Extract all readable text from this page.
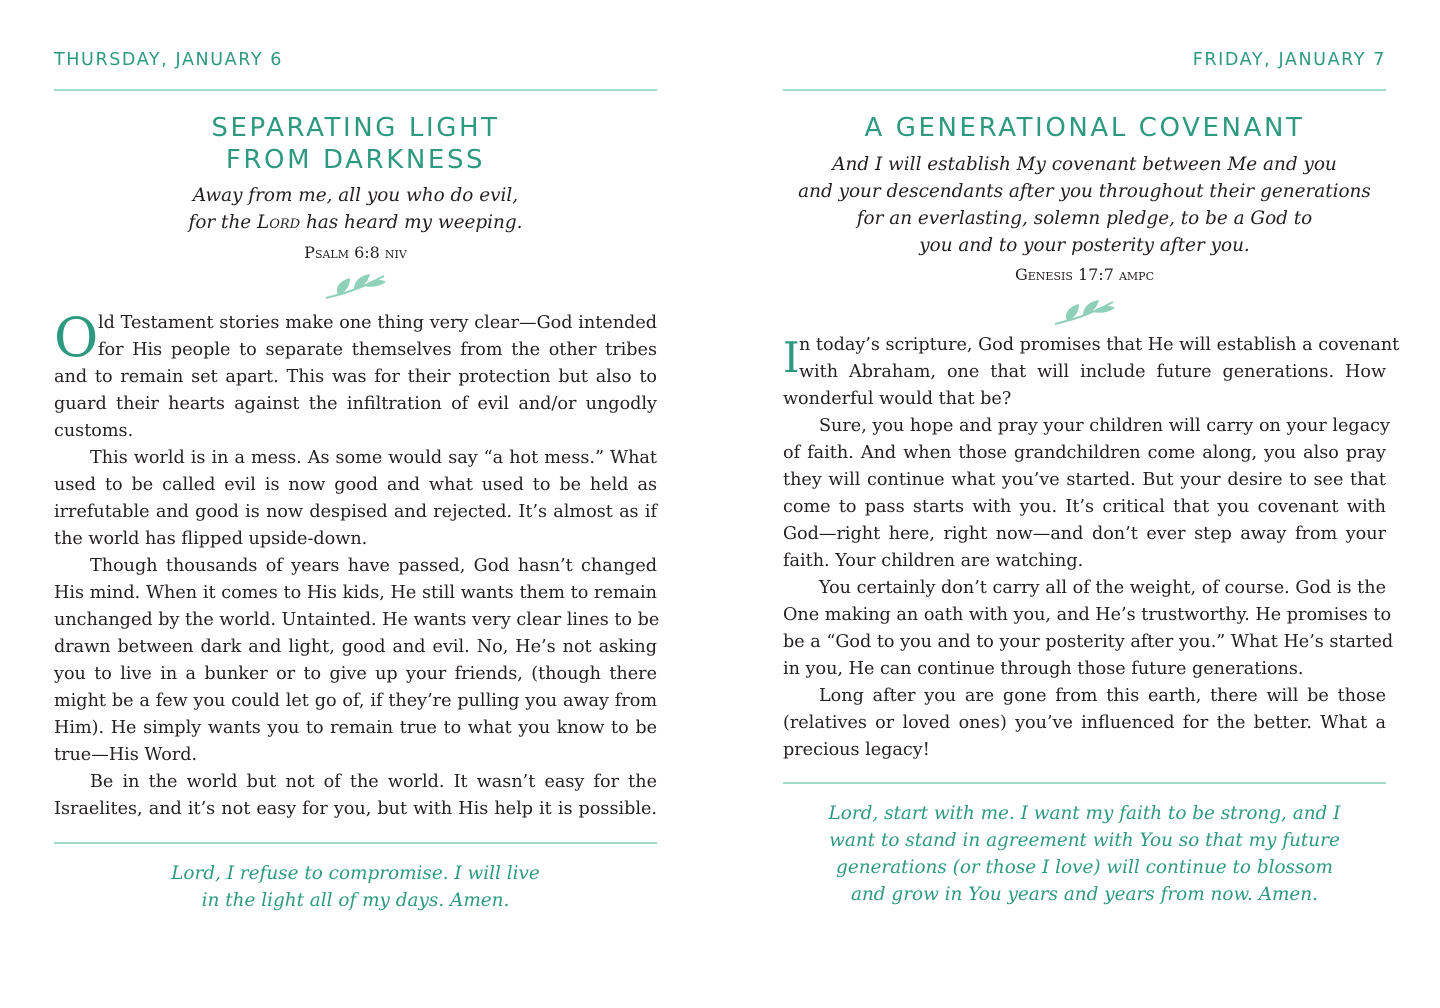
THURSDAY, JANUARY 6
SEPARATING LIGHT
FROM DARKNESS
Away from me, all you who do evil,
for the Lord has heard my weeping.
Psalm 6:8 niv
O ld Testament stories make one thing very clear—God intended
for His people to separate themselves from the other tribes
and to remain set apart. This was for their protection but also to
guard their hearts against the infiltration of evil and/or ungodly
customs.

This world is in a mess. As some would say “a hot mess.” What
used to be called evil is now good and what used to be held as
irrefutable and good is now despised and rejected. It’s almost as if
the world has flipped upside-down.

Though thousands of years have passed, God hasn’t changed
His mind. When it comes to His kids, He still wants them to remain
unchanged by the world. Untainted. He wants very clear lines to be
drawn between dark and light, good and evil. No, He’s not asking
you to live in a bunker or to give up your friends, (though there
might be a few you could let go of, if they’re pulling you away from
Him). He simply wants you to remain true to what you know to be
true—His Word.

Be in the world but not of the world. It wasn’t easy for the
Israelites, and it’s not easy for you, but with His help it is possible.

Lord, I refuse to compromise. I will live
in the light all of my days. Amen.
FRIDAY, JANUARY 7
A GENERATIONAL COVENANT
And I will establish My covenant between Me and you
and your descendants after you throughout their generations
for an everlasting, solemn pledge, to be a God to
you and to your posterity after you.
Genesis 17:7 ampc
I n today’s scripture, God promises that He will establish a covenant
with Abraham, one that will include future generations. How
wonderful would that be?

Sure, you hope and pray your children will carry on your legacy
of faith. And when those grandchildren come along, you also pray
they will continue what you’ve started. But your desire to see that
come to pass starts with you. It’s critical that you covenant with
God—right here, right now—and don’t ever step away from your
faith. Your children are watching.

You certainly don’t carry all of the weight, of course. God is the
One making an oath with you, and He’s trustworthy. He promises to
be a “God to you and to your posterity after you.” What He’s started
in you, He can continue through those future generations.

Long after you are gone from this earth, there will be those
(relatives or loved ones) you’ve influenced for the better. What a
precious legacy!

Lord, start with me. I want my faith to be strong, and I
want to stand in agreement with You so that my future
generations (or those I love) will continue to blossom
and grow in You years and years from now. Amen.
